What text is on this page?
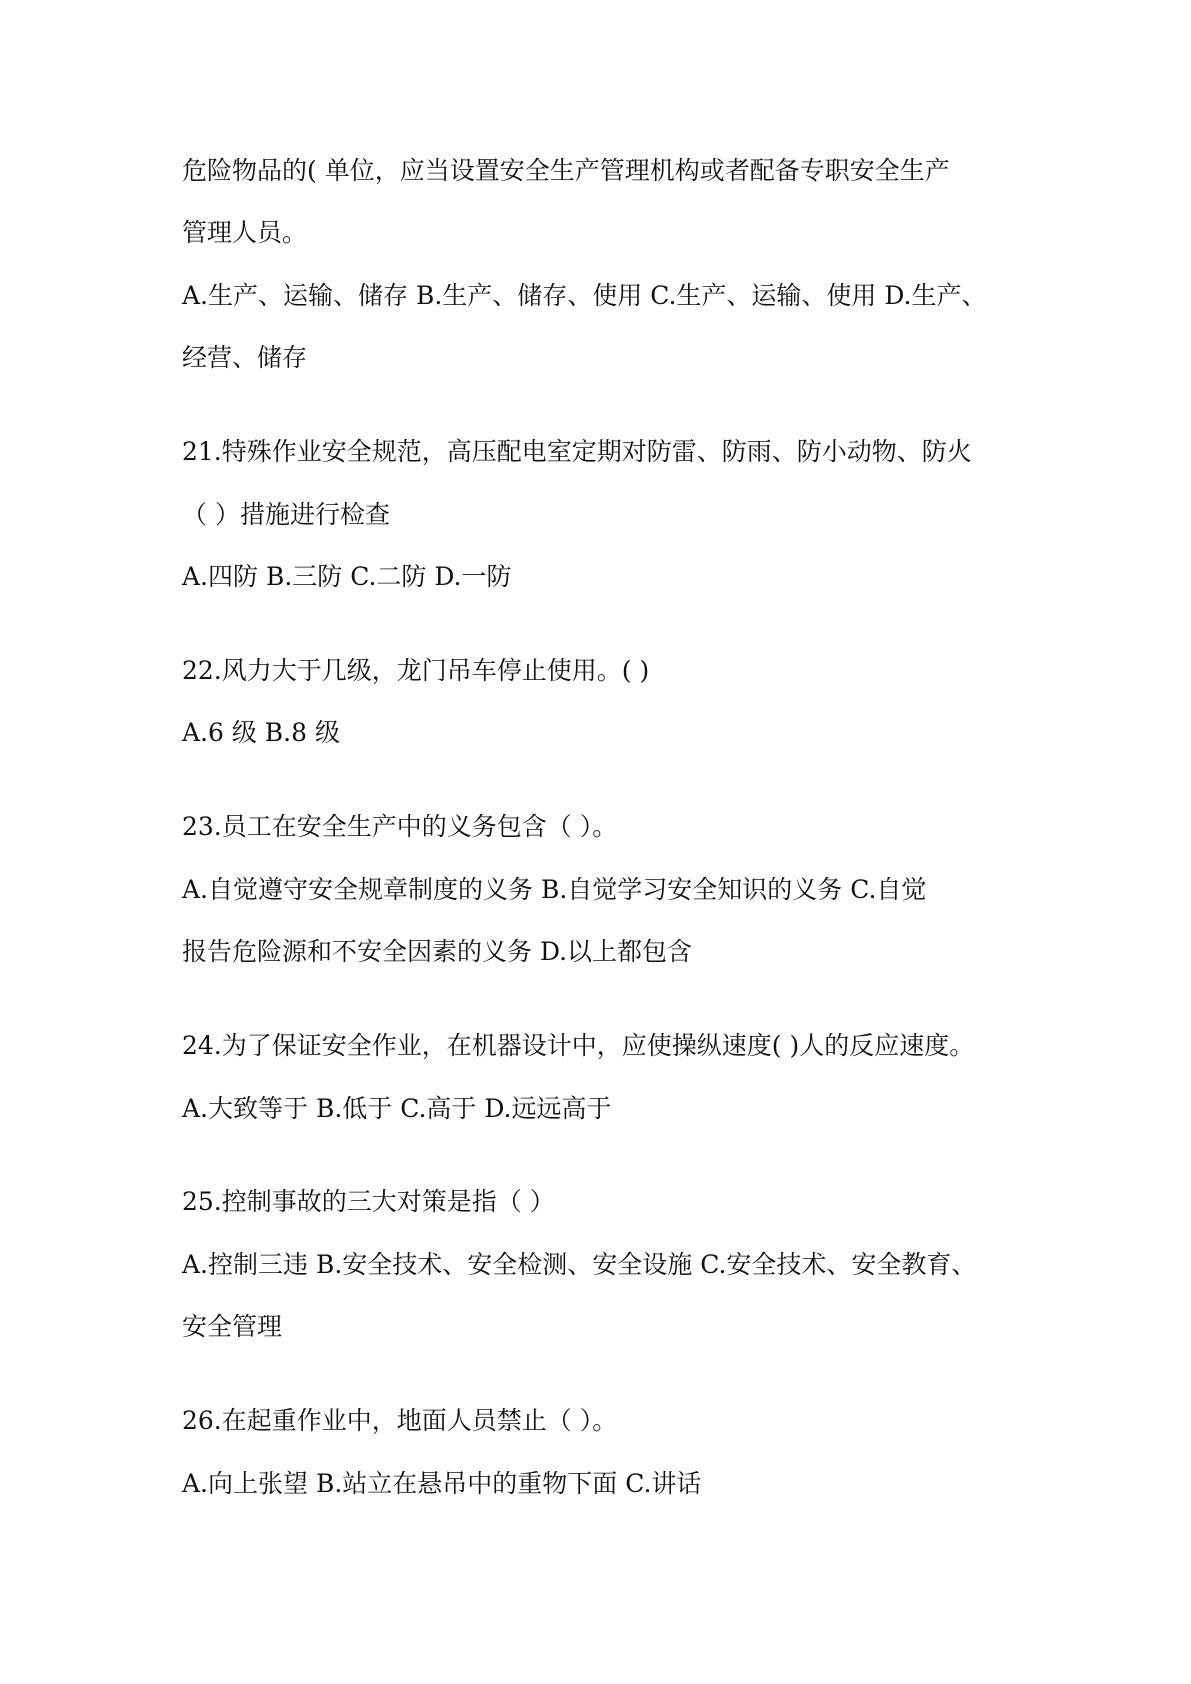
危险物品的( 单位，应当设置安全生产管理机构或者配备专职安全生产
管理人员。
A.生产、运输、储存 B.生产、储存、使用 C.生产、运输、使用 D.生产、
经营、储存
21.特殊作业安全规范，高压配电室定期对防雷、防雨、防小动物、防火
（ ）措施进行检查
A.四防 B.三防 C.二防 D.一防
22.风力大于几级，龙门吊车停止使用。( )
A.6 级 B.8 级
23.员工在安全生产中的义务包含（ ）。
A.自觉遵守安全规章制度的义务 B.自觉学习安全知识的义务 C.自觉
报告危险源和不安全因素的义务 D.以上都包含
24.为了保证安全作业，在机器设计中，应使操纵速度( )人的反应速度。
A.大致等于 B.低于 C.高于 D.远远高于
25.控制事故的三大对策是指（ ）
A.控制三违 B.安全技术、安全检测、安全设施 C.安全技术、安全教育、
安全管理
26.在起重作业中，地面人员禁止（ ）。
A.向上张望 B.站立在悬吊中的重物下面 C.讲话
